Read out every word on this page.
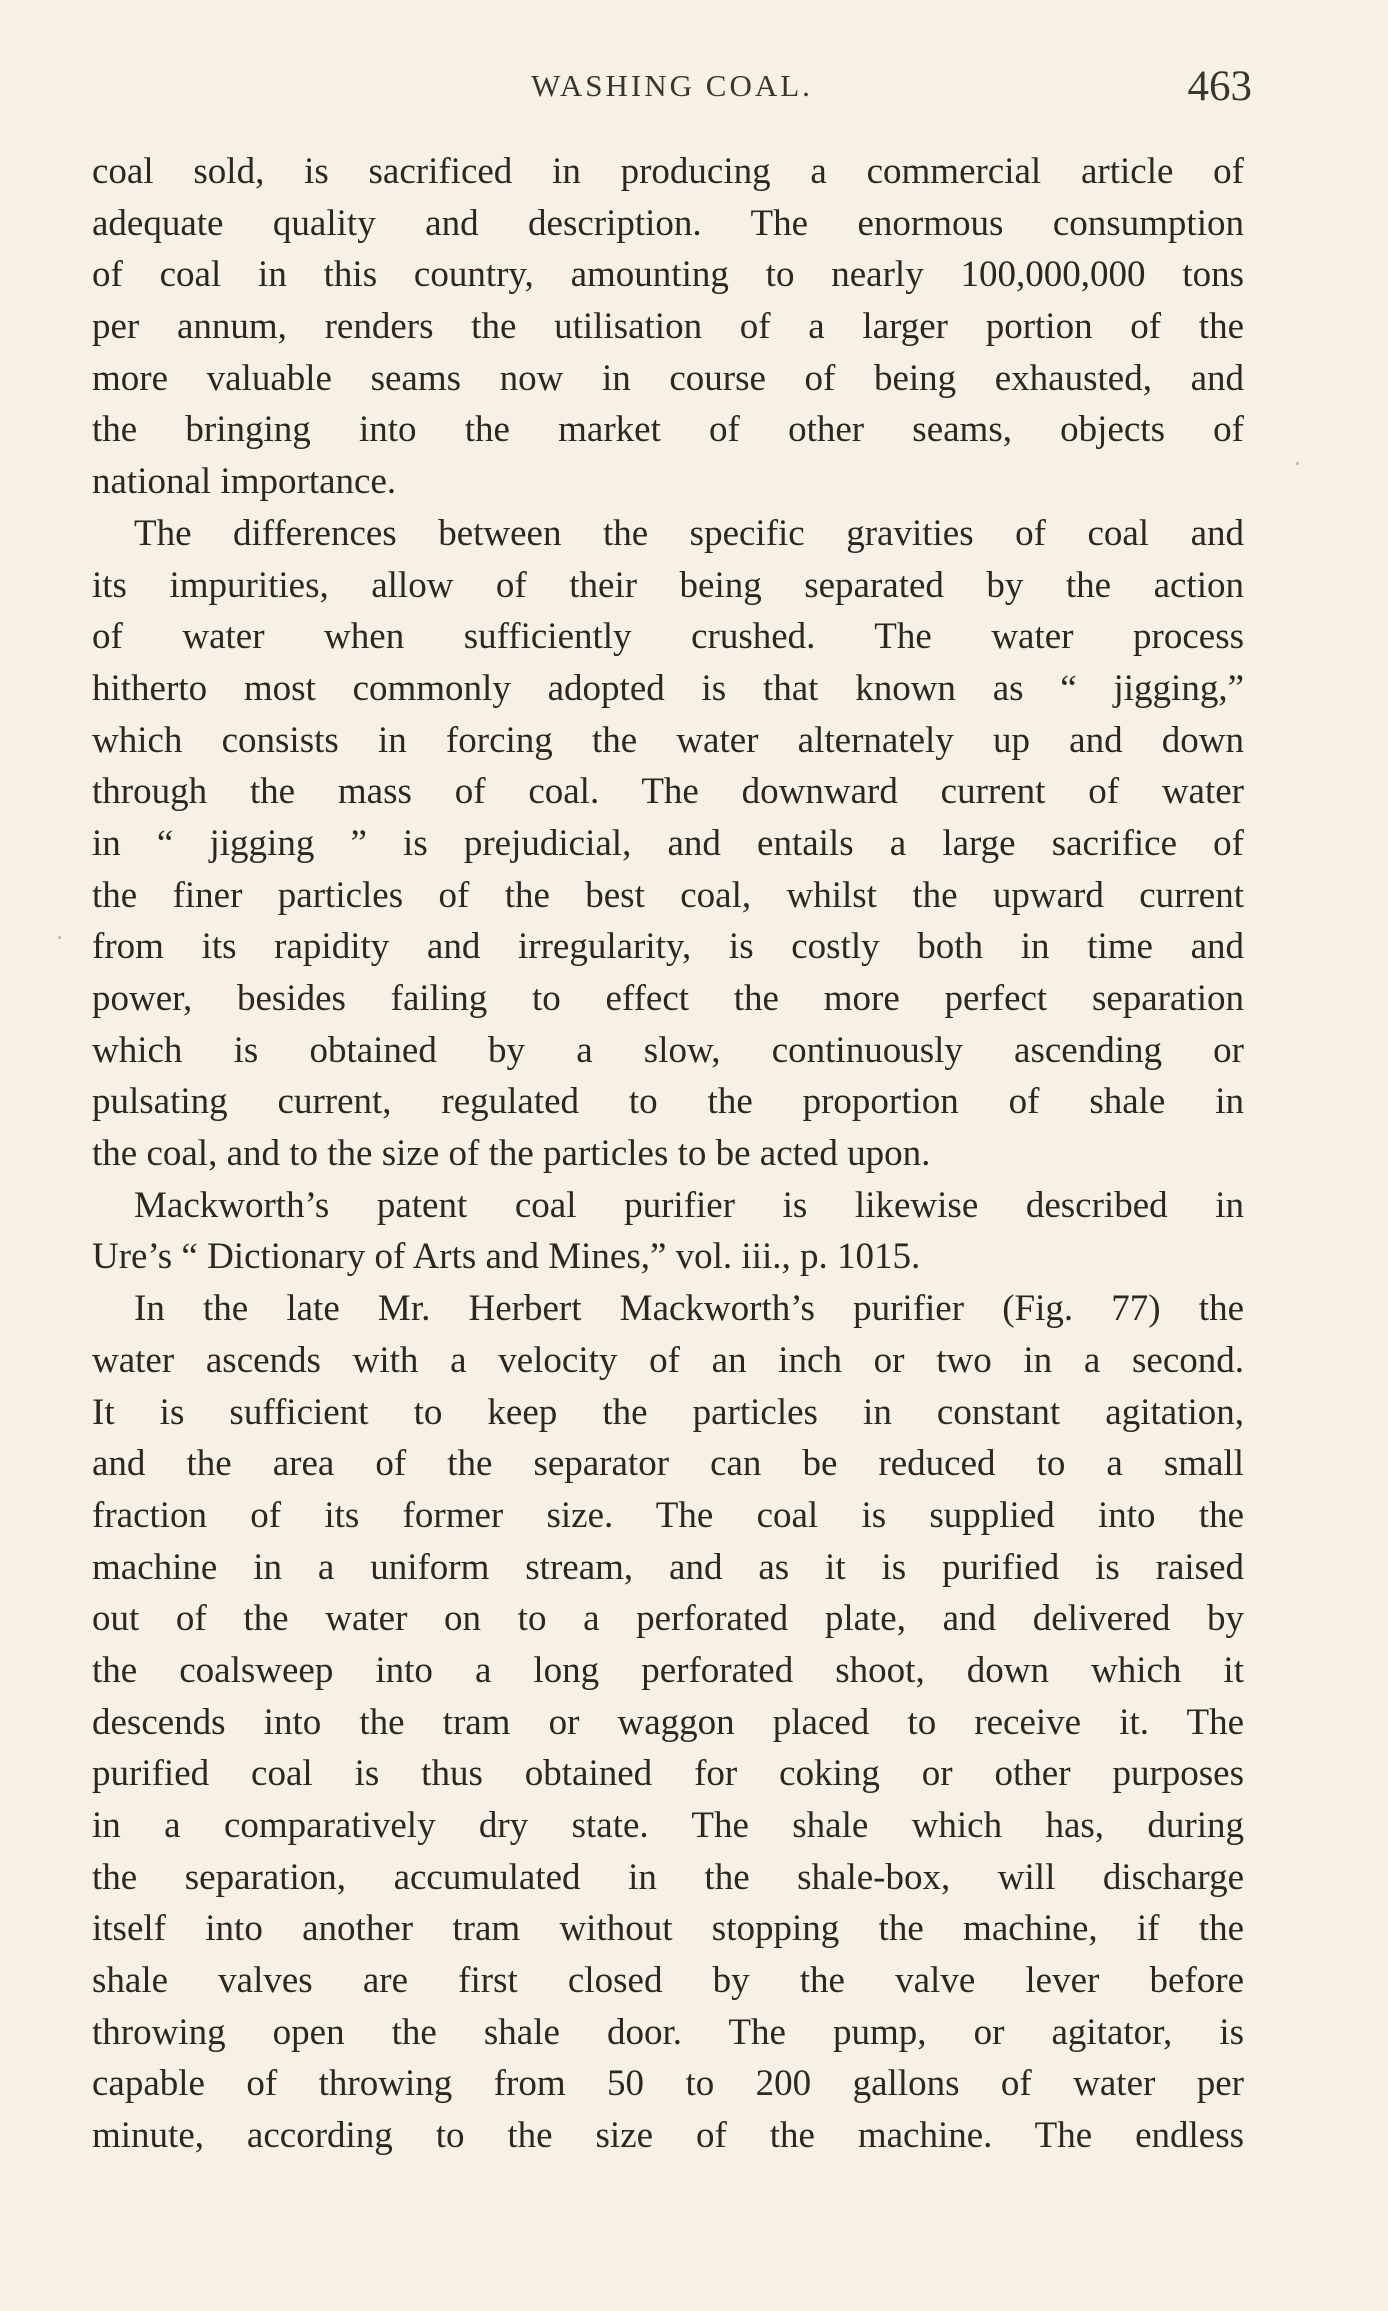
WASHING COAL.	463
coal sold, is sacrificed in producing a commercial article of
adequate quality and description. The enormous consumption
of coal in this country, amounting to nearly 100,000,000 tons
per annum, renders the utilisation of a larger portion of the
more valuable seams now in course of being exhausted, and
the bringing into the market of other seams, objects of
national importance.
The differences between the specific gravities of coal and
its impurities, allow of their being separated by the action
of water when sufficiently crushed. The water process
hitherto most commonly adopted is that known as “ jigging,”
which consists in forcing the water alternately up and down
through the mass of coal. The downward current of water
in “ jigging ” is prejudicial, and entails a large sacrifice of
the finer particles of the best coal, whilst the upward current
from its rapidity and irregularity, is costly both in time and
power, besides failing to effect the more perfect separation
which is obtained by a slow, continuously ascending or
pulsating current, regulated to the proportion of shale in
the coal, and to the size of the particles to be acted upon.
Mackworth’s patent coal purifier is likewise described in
Ure’s “ Dictionary of Arts and Mines,” vol. iii., p. 1015.
In the late Mr. Herbert Mackworth’s purifier (Fig. 77) the
water ascends with a velocity of an inch or two in a second.
It is sufficient to keep the particles in constant agitation,
and the area of the separator can be reduced to a small
fraction of its former size. The coal is supplied into the
machine in a uniform stream, and as it is purified is raised
out of the water on to a perforated plate, and delivered by
the coalsweep into a long perforated shoot, down which it
descends into the tram or waggon placed to receive it. The
purified coal is thus obtained for coking or other purposes
in a comparatively dry state. The shale which has, during
the separation, accumulated in the shale-box, will discharge
itself into another tram without stopping the machine, if the
shale valves are first closed by the valve lever before
throwing open the shale door. The pump, or agitator, is
capable of throwing from 50 to 200 gallons of water per
minute, according to the size of the machine. The endless
